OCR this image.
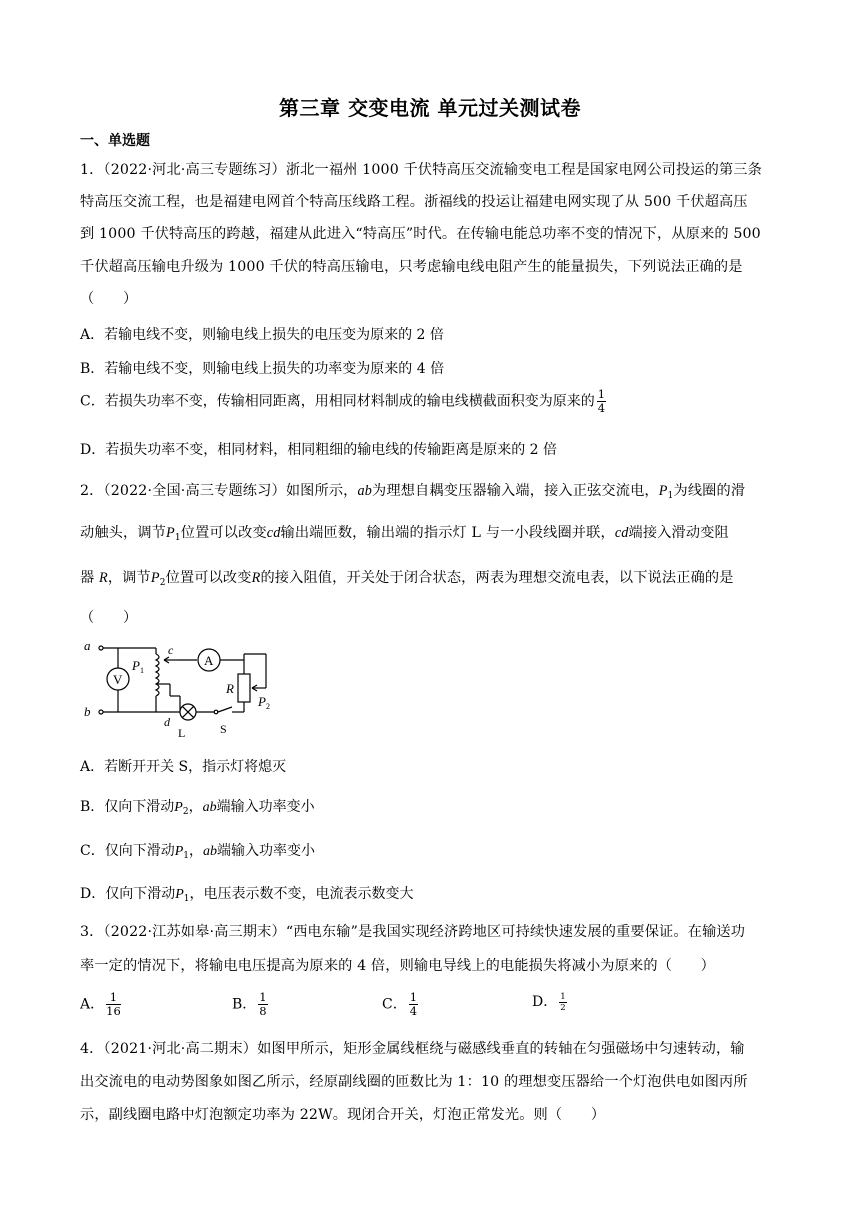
第三章 交变电流 单元过关测试卷
一、单选题
1．（2022·河北·高三专题练习）浙北一福州 1000 千伏特高压交流输变电工程是国家电网公司投运的第三条
特高压交流工程，也是福建电网首个特高压线路工程。浙福线的投运让福建电网实现了从 500 千伏超高压
到 1000 千伏特高压的跨越，福建从此进入“特高压”时代。在传输电能总功率不变的情况下，从原来的 500
千伏超高压输电升级为 1000 千伏的特高压输电，只考虑输电线电阻产生的能量损失，下列说法正确的是
（　　）
A．若输电线不变，则输电线上损失的电压变为原来的 2 倍
B．若输电线不变，则输电线上损失的功率变为原来的 4 倍
C．若损失功率不变，传输相同距离，用相同材料制成的输电线横截面积变为原来的 $\frac{1}{4}$
D．若损失功率不变，相同材料，相同粗细的输电线的传输距离是原来的 2 倍
2．（2022·全国·高三专题练习）如图所示，ab为理想自耦变压器输入端，接入正弦交流电，$P_1$为线圈的滑
动触头，调节$P_1$位置可以改变cd输出端匝数，输出端的指示灯 L 与一小段线圈并联，cd端接入滑动变阻
器 R，调节$P_2$位置可以改变R的接入阻值，开关处于闭合状态，两表为理想交流电表，以下说法正确的是
（　　）
a
b
V
$P_1$
c
A
R
$P_2$
L
d	S
A．若断开开关 S，指示灯将熄灭
B．仅向下滑动$P_2$，ab端输入功率变小
C．仅向下滑动$P_1$，ab端输入功率变小
D．仅向下滑动$P_1$，电压表示数不变，电流表示数变大
3．（2022·江苏如皋·高三期末）“西电东输”是我国实现经济跨地区可持续快速发展的重要保证。在输送功
率一定的情况下，将输电电压提高为原来的 4 倍，则输电导线上的电能损失将减小为原来的（　　）
A． $\frac{1}{16}$	B． $\frac{1}{8}$	C． $\frac{1}{4}$	D． $\frac{1}{2}$
4．（2021·河北·高二期末）如图甲所示，矩形金属线框绕与磁感线垂直的转轴在匀强磁场中匀速转动，输
出交流电的电动势图象如图乙所示，经原副线圈的匝数比为 1：10 的理想变压器给一个灯泡供电如图丙所
示，副线圈电路中灯泡额定功率为 22W。现闭合开关，灯泡正常发光。则（　　）
